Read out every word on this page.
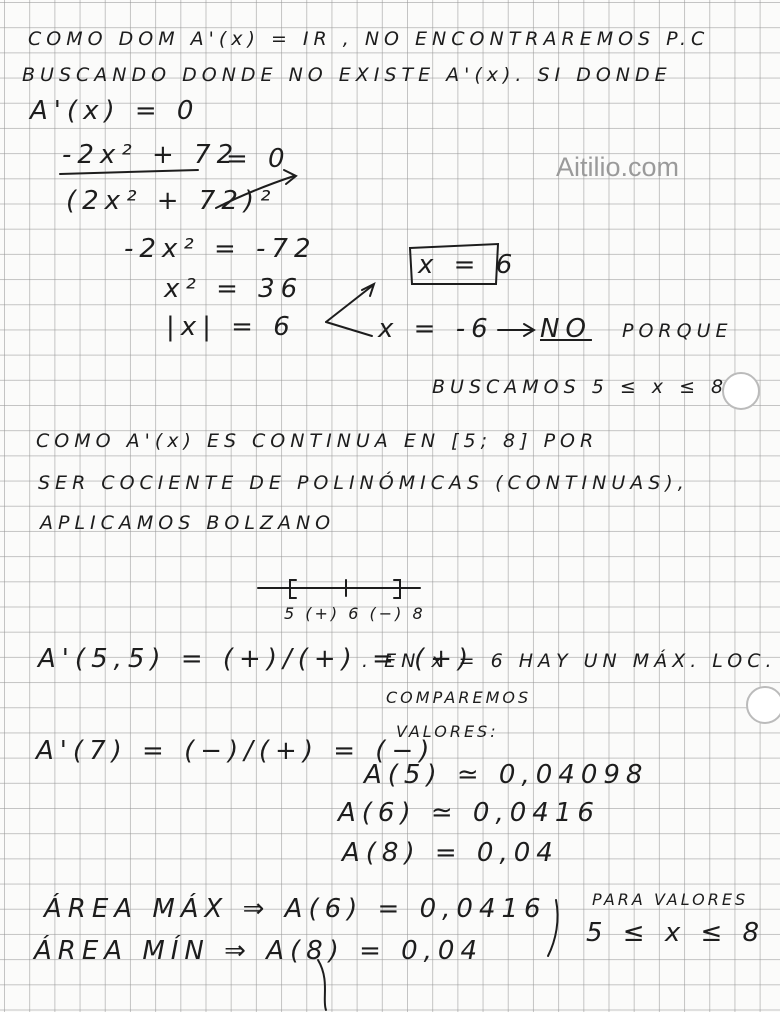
Aitilio.com
COMO DOM A'(x) = IR , NO ENCONTRAREMOS P.C
BUSCANDO DONDE NO EXISTE A'(x). SI DONDE
A'(x) = 0
-2x² + 72
= 0
(2x² + 72)²
-2x² = -72
x² = 36
|x| = 6
x = 6
x = -6 NO PORQUE
BUSCAMOS 5 ≤ x ≤ 8
COMO A'(x) ES CONTINUA EN [5; 8] POR
SER COCIENTE DE POLINÓMICAS (CONTINUAS),
APLICAMOS BOLZANO
5 (+) 6 (−) 8
A'(5,5) = (+)/(+) = (+)
A'(7) = (−)/(+) = (−)
. EN x = 6 HAY UN MÁX. LOC.
COMPAREMOS
VALORES:
A(5) ≃ 0,04098
A(6) ≃ 0,0416
A(8) = 0,04
ÁREA MÁX ⇒ A(6) = 0,0416
ÁREA MÍN ⇒ A(8) = 0,04
PARA VALORES
5 ≤ x ≤ 8
